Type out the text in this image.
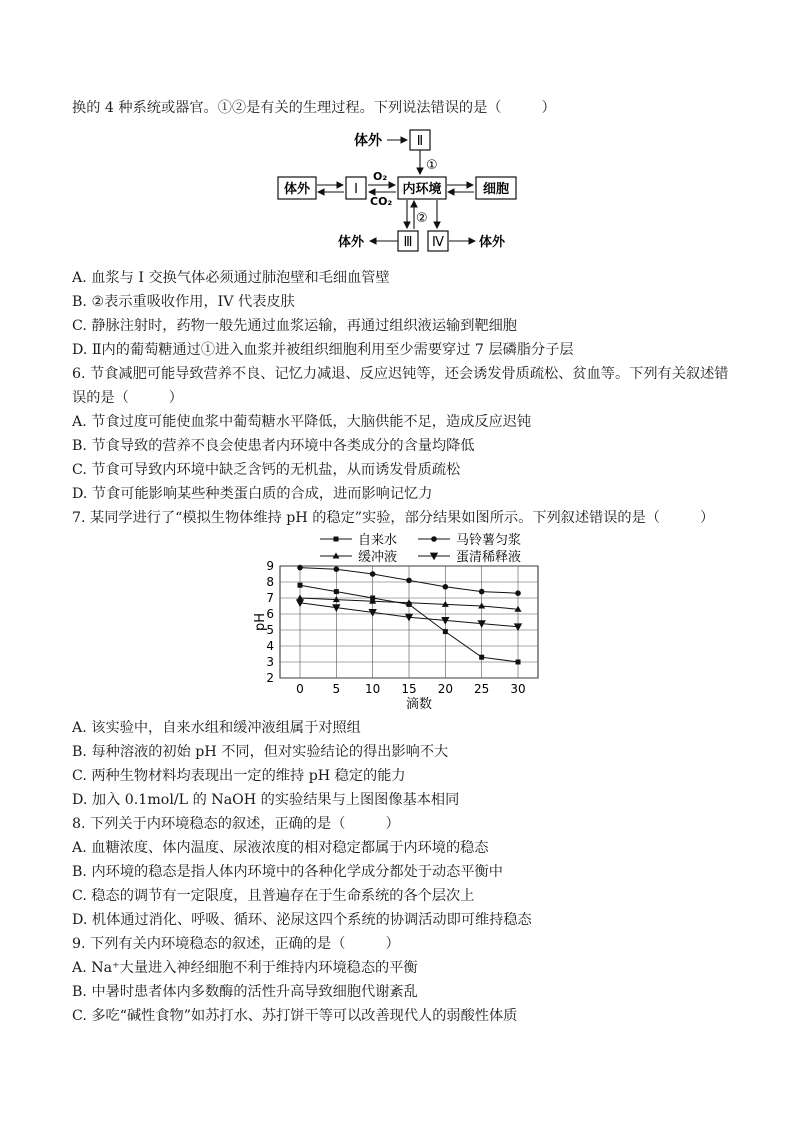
换的 4 种系统或器官。①②是有关的生理过程。下列说法错误的是（	）
体外	Ⅱ
①
体外	Ⅰ
O₂
CO₂
内环境	细胞
②
体外	Ⅲ Ⅳ	体外
A. 血浆与 I 交换气体必须通过肺泡壁和毛细血管壁
B. ②表示重吸收作用，IV 代表皮肤
C. 静脉注射时，药物一般先通过血浆运输，再通过组织液运输到靶细胞
D. Ⅱ内的葡萄糖通过①进入血浆并被组织细胞利用至少需要穿过 7 层磷脂分子层
6. 节食减肥可能导致营养不良、记忆力减退、反应迟钝等，还会诱发骨质疏松、贫血等。下列有关叙述错
误的是（	）
A. 节食过度可能使血浆中葡萄糖水平降低，大脑供能不足，造成反应迟钝
B. 节食导致的营养不良会使患者内环境中各类成分的含量均降低
C. 节食可导致内环境中缺乏含钙的无机盐，从而诱发骨质疏松
D. 节食可能影响某些种类蛋白质的合成，进而影响记忆力
7. 某同学进行了“模拟生物体维持 pH 的稳定”实验，部分结果如图所示。下列叙述错误的是（	）
2
3
4
5
6
7
8
9
0 5 10 15 20 25 30
pH
滴数
自来水	马铃薯匀浆
缓冲液	蛋清稀释液
A. 该实验中，自来水组和缓冲液组属于对照组
B. 每种溶液的初始 pH 不同，但对实验结论的得出影响不大
C. 两种生物材料均表现出一定的维持 pH 稳定的能力
D. 加入 0.1mol/L 的 NaOH 的实验结果与上图图像基本相同
8. 下列关于内环境稳态的叙述，正确的是（	）
A. 血糖浓度、体内温度、尿液浓度的相对稳定都属于内环境的稳态
B. 内环境的稳态是指人体内环境中的各种化学成分都处于动态平衡中
C. 稳态的调节有一定限度，且普遍存在于生命系统的各个层次上
D. 机体通过消化、呼吸、循环、泌尿这四个系统的协调活动即可维持稳态
9. 下列有关内环境稳态的叙述，正确的是（	）
A. Na⁺大量进入神经细胞不利于维持内环境稳态的平衡
B. 中暑时患者体内多数酶的活性升高导致细胞代谢紊乱
C. 多吃“碱性食物”如苏打水、苏打饼干等可以改善现代人的弱酸性体质
